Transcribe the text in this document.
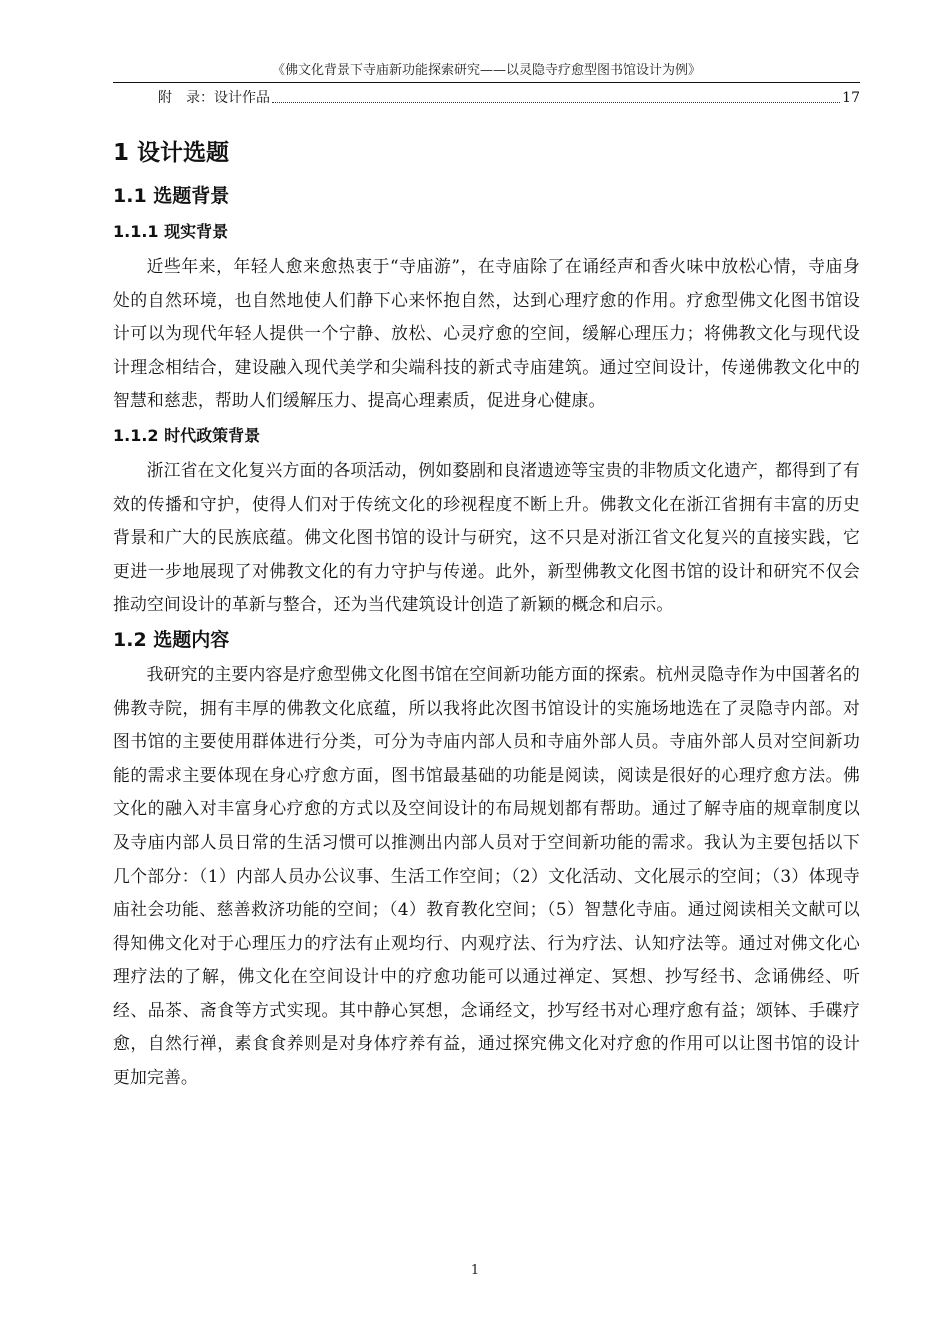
《佛文化背景下寺庙新功能探索研究——以灵隐寺疗愈型图书馆设计为例》
附　录：设计作品	17
1 设计选题
1.1 选题背景
1.1.1 现实背景

近些年来，年轻人愈来愈热衷于“寺庙游”，在寺庙除了在诵经声和香火味中放松心情，寺庙身处的自然环境，也自然地使人们静下心来怀抱自然，达到心理疗愈的作用。疗愈型佛文化图书馆设计可以为现代年轻人提供一个宁静、放松、心灵疗愈的空间，缓解心理压力；将佛教文化与现代设计理念相结合，建设融入现代美学和尖端科技的新式寺庙建筑。通过空间设计，传递佛教文化中的智慧和慈悲，帮助人们缓解压力、提高心理素质，促进身心健康。

1.1.2 时代政策背景

浙江省在文化复兴方面的各项活动，例如婺剧和良渚遗迹等宝贵的非物质文化遗产，都得到了有效的传播和守护，使得人们对于传统文化的珍视程度不断上升。佛教文化在浙江省拥有丰富的历史背景和广大的民族底蕴。佛文化图书馆的设计与研究，这不只是对浙江省文化复兴的直接实践，它更进一步地展现了对佛教文化的有力守护与传递。此外，新型佛教文化图书馆的设计和研究不仅会推动空间设计的革新与整合，还为当代建筑设计创造了新颖的概念和启示。

1.2 选题内容

我研究的主要内容是疗愈型佛文化图书馆在空间新功能方面的探索。杭州灵隐寺作为中国著名的佛教寺院，拥有丰厚的佛教文化底蕴，所以我将此次图书馆设计的实施场地选在了灵隐寺内部。对图书馆的主要使用群体进行分类，可分为寺庙内部人员和寺庙外部人员。寺庙外部人员对空间新功能的需求主要体现在身心疗愈方面，图书馆最基础的功能是阅读，阅读是很好的心理疗愈方法。佛文化的融入对丰富身心疗愈的方式以及空间设计的布局规划都有帮助。通过了解寺庙的规章制度以及寺庙内部人员日常的生活习惯可以推测出内部人员对于空间新功能的需求。我认为主要包括以下几个部分：（1）内部人员办公议事、生活工作空间；（2）文化活动、文化展示的空间；（3）体现寺庙社会功能、慈善救济功能的空间；（4）教育教化空间；（5）智慧化寺庙。通过阅读相关文献可以得知佛文化对于心理压力的疗法有止观均行、内观疗法、行为疗法、认知疗法等。通过对佛文化心理疗法的了解，佛文化在空间设计中的疗愈功能可以通过禅定、冥想、抄写经书、念诵佛经、听经、品茶、斋食等方式实现。其中静心冥想，念诵经文，抄写经书对心理疗愈有益；颂钵、手碟疗愈，自然行禅，素食食养则是对身体疗养有益，通过探究佛文化对疗愈的作用可以让图书馆的设计更加完善。

1
